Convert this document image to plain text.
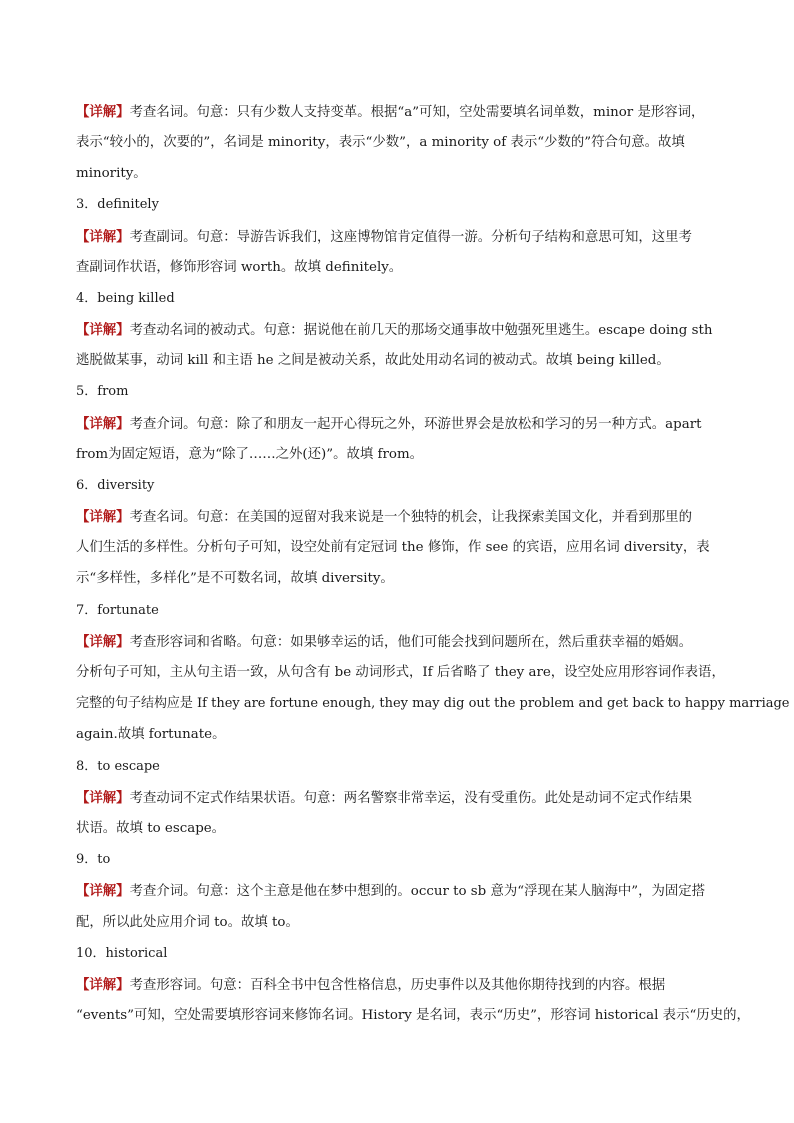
【详解】考查名词。句意：只有少数人支持变革。根据“a”可知，空处需要填名词单数，minor 是形容词，
表示“较小的，次要的”，名词是 minority，表示“少数”，a minority of 表示“少数的”符合句意。故填
minority。
3．definitely
【详解】考查副词。句意：导游告诉我们，这座博物馆肯定值得一游。分析句子结构和意思可知，这里考
查副词作状语，修饰形容词 worth。故填 definitely。
4．being killed
【详解】考查动名词的被动式。句意：据说他在前几天的那场交通事故中勉强死里逃生。escape doing sth
逃脱做某事，动词 kill 和主语 he 之间是被动关系，故此处用动名词的被动式。故填 being killed。
5．from
【详解】考查介词。句意：除了和朋友一起开心得玩之外，环游世界会是放松和学习的另一种方式。apart
from为固定短语，意为“除了……之外(还)”。故填 from。
6．diversity
【详解】考查名词。句意：在美国的逗留对我来说是一个独特的机会，让我探索美国文化，并看到那里的
人们生活的多样性。分析句子可知，设空处前有定冠词 the 修饰，作 see 的宾语，应用名词 diversity，表
示“多样性，多样化”是不可数名词，故填 diversity。
7．fortunate
【详解】考查形容词和省略。句意：如果够幸运的话，他们可能会找到问题所在，然后重获幸福的婚姻。
分析句子可知，主从句主语一致，从句含有 be 动词形式，If 后省略了 they are，设空处应用形容词作表语，
完整的句子结构应是 If they are fortune enough, they may dig out the problem and get back to happy marriage
again.故填 fortunate。
8．to escape
【详解】考查动词不定式作结果状语。句意：两名警察非常幸运，没有受重伤。此处是动词不定式作结果
状语。故填 to escape。
9．to
【详解】考查介词。句意：这个主意是他在梦中想到的。occur to sb 意为“浮现在某人脑海中”，为固定搭
配，所以此处应用介词 to。故填 to。
10．historical
【详解】考查形容词。句意：百科全书中包含性格信息，历史事件以及其他你期待找到的内容。根据
“events”可知，空处需要填形容词来修饰名词。History 是名词，表示“历史”，形容词 historical 表示“历史的，
